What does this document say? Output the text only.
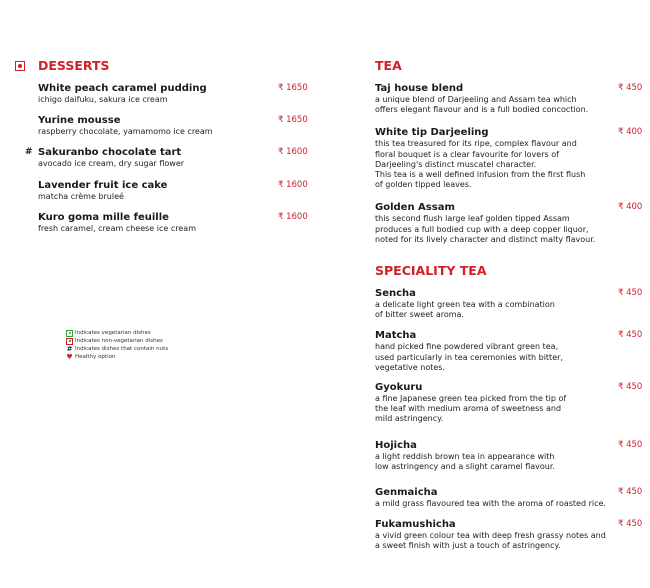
DESSERTS
White peach caramel pudding
ichigo daifuku, sakura ice cream
₹ 1650
Yurine mousse
raspberry chocolate, yamamomo ice cream
₹ 1650
# Sakuranbo chocolate tart
avocado ice cream, dry sugar flower
₹ 1600
Lavender fruit ice cake
matcha crème bruleé
₹ 1600
Kuro goma mille feuille
fresh caramel, cream cheese ice cream
₹ 1600
TEA
Taj house blend
a unique blend of Darjeeling and Assam tea which
offers elegant flavour and is a full bodied concoction.
₹ 450
White tip Darjeeling
this tea treasured for its ripe, complex flavour and
floral bouquet is a clear favourite for lovers of
Darjeeling's distinct muscatel character.
This tea is a well defined infusion from the first flush
of golden tipped leaves.
₹ 400
Golden Assam
this second flush large leaf golden tipped Assam
produces a full bodied cup with a deep copper liquor,
noted for its lively character and distinct malty flavour.
₹ 400
SPECIALITY TEA
Sencha
a delicate light green tea with a combination
of bitter sweet aroma.
₹ 450
Matcha
hand picked fine powdered vibrant green tea,
used particularly in tea ceremonies with bitter,
vegetative notes.
₹ 450
Gyokuru
a fine Japanese green tea picked from the tip of
the leaf with medium aroma of sweetness and
mild astringency.
₹ 450
Hojicha
a light reddish brown tea in appearance with
low astringency and a slight caramel flavour.
₹ 450
Genmaicha
a mild grass flavoured tea with the aroma of roasted rice.
₹ 450
Fukamushicha
a vivid green colour tea with deep fresh grassy notes and
a sweet finish with just a touch of astringency.
₹ 450
Indicates vegetarian dishes
Indicates non-vegetarian dishes
# Indicates dishes that contain nuts
♥ Healthy option
